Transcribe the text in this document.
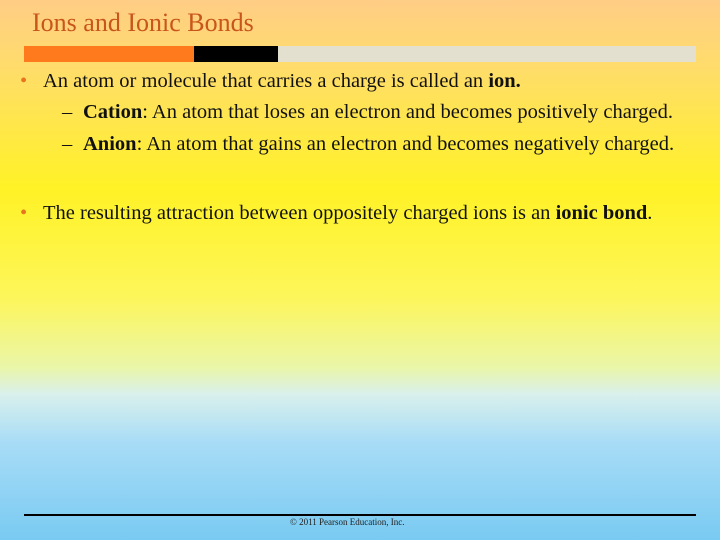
Ions and Ionic Bonds
• An atom or molecule that carries a charge is called an ion.
– Cation: An atom that loses an electron and becomes positively charged.
– Anion: An atom that gains an electron and becomes negatively charged.
• The resulting attraction between oppositely charged ions is an ionic bond.
© 2011 Pearson Education, Inc.
